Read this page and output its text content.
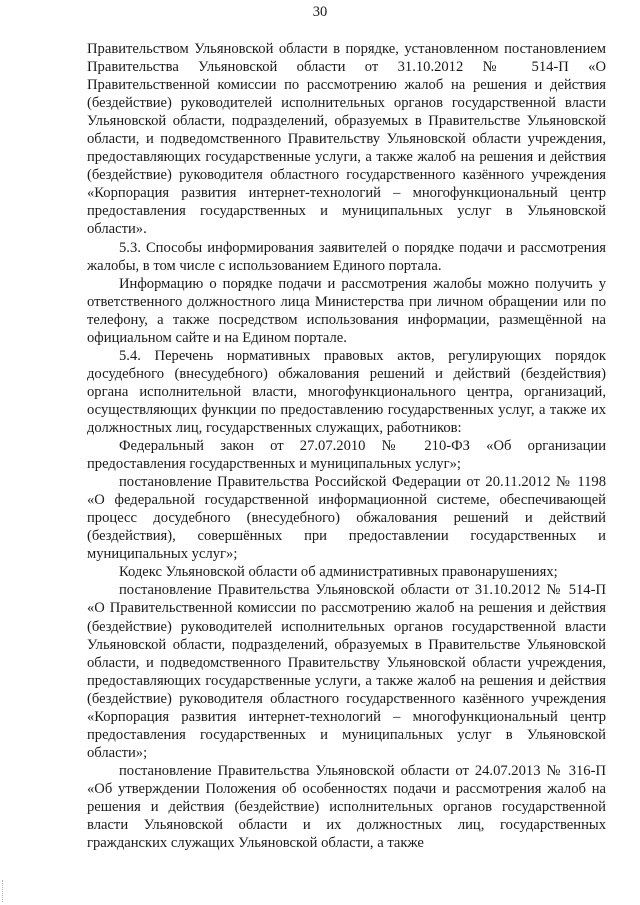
30

Правительством Ульяновской области в порядке, установленном постановлением Правительства Ульяновской области от 31.10.2012 № 514-П «О Правительственной комиссии по рассмотрению жалоб на решения и действия (бездействие) руководителей исполнительных органов государственной власти Ульяновской области, подразделений, образуемых в Правительстве Ульяновской области, и подведомственного Правительству Ульяновской области учреждения, предоставляющих государственные услуги, а также жалоб на решения и действия (бездействие) руководителя областного государственного казённого учреждения «Корпорация развития интернет-технологий – многофункциональный центр предоставления государственных и муниципальных услуг в Ульяновской области».

5.3. Способы информирования заявителей о порядке подачи и рассмотрения жалобы, в том числе с использованием Единого портала.

Информацию о порядке подачи и рассмотрения жалобы можно получить у ответственного должностного лица Министерства при личном обращении или по телефону, а также посредством использования информации, размещённой на официальном сайте и на Едином портале.

5.4. Перечень нормативных правовых актов, регулирующих порядок досудебного (внесудебного) обжалования решений и действий (бездействия) органа исполнительной власти, многофункционального центра, организаций, осуществляющих функции по предоставлению государственных услуг, а также их должностных лиц, государственных служащих, работников:

Федеральный закон от 27.07.2010 № 210-ФЗ «Об организации предоставления государственных и муниципальных услуг»;

постановление Правительства Российской Федерации от 20.11.2012 № 1198 «О федеральной государственной информационной системе, обеспечивающей процесс досудебного (внесудебного) обжалования решений и действий (бездействия), совершённых при предоставлении государственных и муниципальных услуг»;

Кодекс Ульяновской области об административных правонарушениях;

постановление Правительства Ульяновской области от 31.10.2012 № 514-П «О Правительственной комиссии по рассмотрению жалоб на решения и действия (бездействие) руководителей исполнительных органов государственной власти Ульяновской области, подразделений, образуемых в Правительстве Ульяновской области, и подведомственного Правительству Ульяновской области учреждения, предоставляющих государственные услуги, а также жалоб на решения и действия (бездействие) руководителя областного государственного казённого учреждения «Корпорация развития интернет-технологий – многофункциональный центр предоставления государственных и муниципальных услуг в Ульяновской области»;

постановление Правительства Ульяновской области от 24.07.2013 № 316-П «Об утверждении Положения об особенностях подачи и рассмотрения жалоб на решения и действия (бездействие) исполнительных органов государственной власти Ульяновской области и их должностных лиц, государственных гражданских служащих Ульяновской области, а также
